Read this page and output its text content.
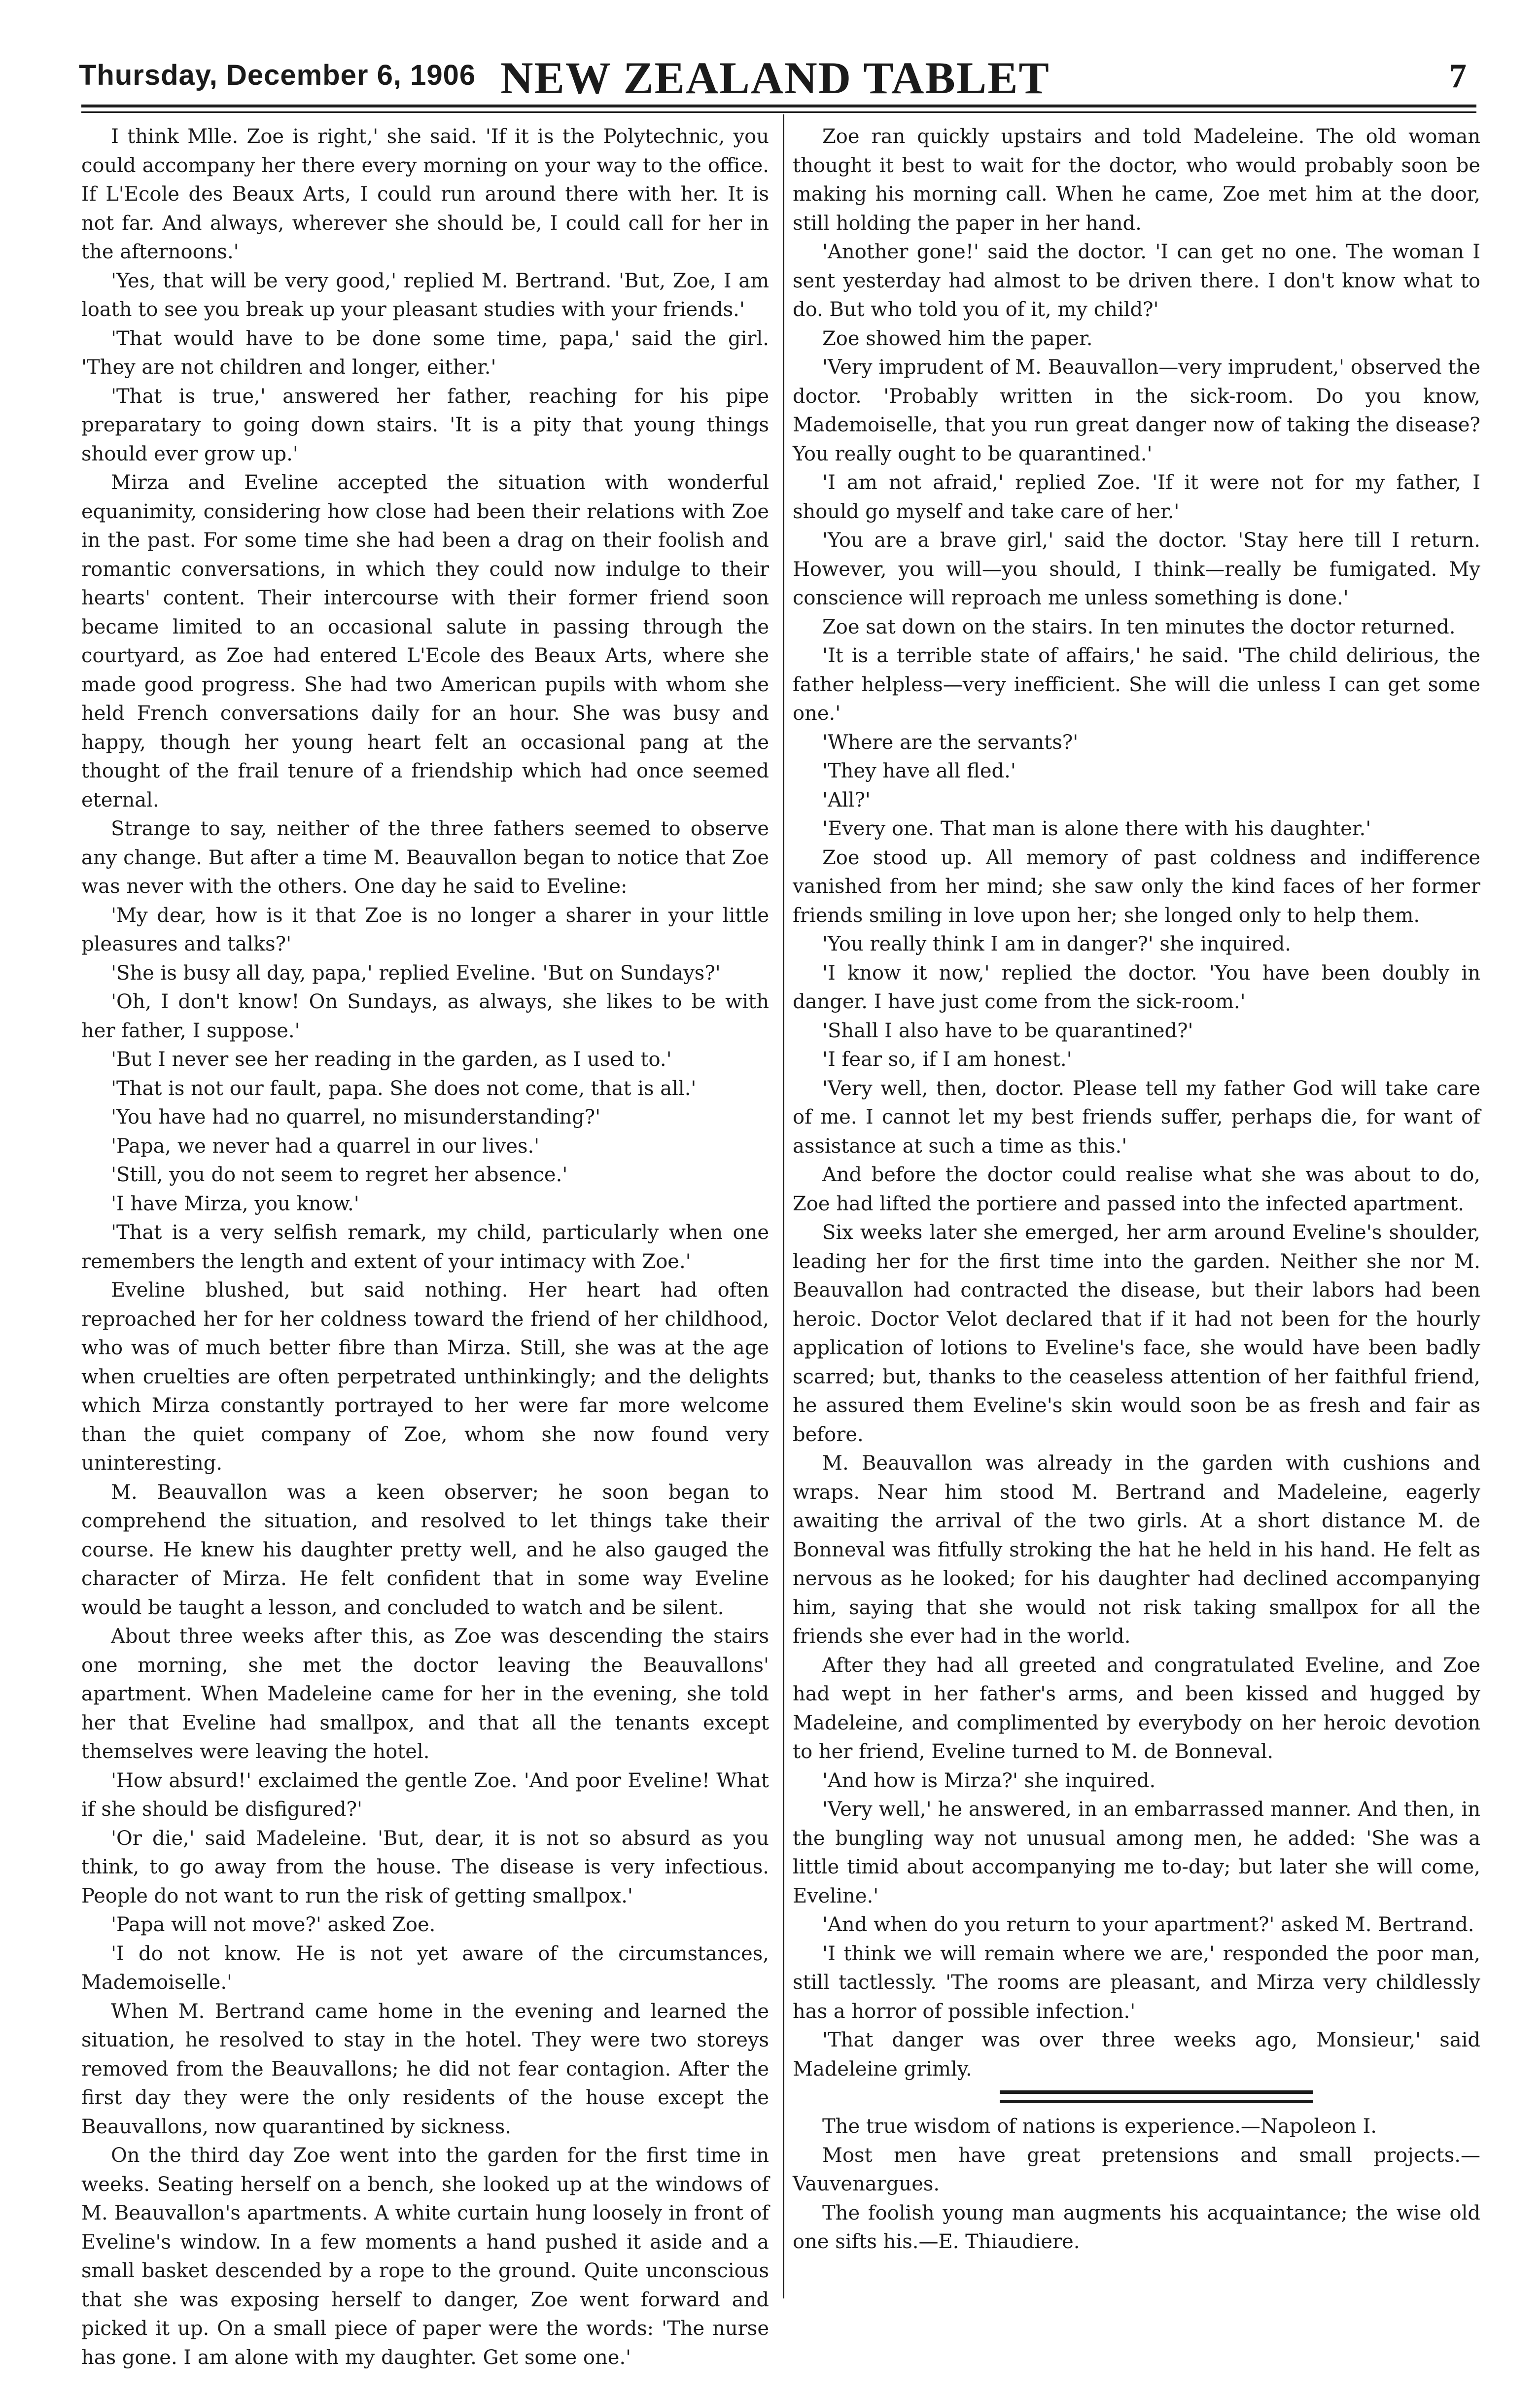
Thursday, December 6, 1906 NEW ZEALAND TABLET	7

I think Mlle. Zoe is right,' she said. 'If it is the Polytechnic, you could accompany her there every morning on your way to the office. If L'Ecole des Beaux Arts, I could run around there with her. It is not far. And always, wherever she should be, I could call for her in the afternoons.'

'Yes, that will be very good,' replied M. Bertrand. 'But, Zoe, I am loath to see you break up your pleasant studies with your friends.'

'That would have to be done some time, papa,' said the girl. 'They are not children and longer, either.'

'That is true,' answered her father, reaching for his pipe preparatary to going down stairs. 'It is a pity that young things should ever grow up.'

Mirza and Eveline accepted the situation with wonderful equanimity, considering how close had been their relations with Zoe in the past. For some time she had been a drag on their foolish and romantic conversations, in which they could now indulge to their hearts' content. Their intercourse with their former friend soon became limited to an occasional salute in passing through the courtyard, as Zoe had entered L'Ecole des Beaux Arts, where she made good progress. She had two American pupils with whom she held French conversations daily for an hour. She was busy and happy, though her young heart felt an occasional pang at the thought of the frail tenure of a friendship which had once seemed eternal.

Strange to say, neither of the three fathers seemed to observe any change. But after a time M. Beauvallon began to notice that Zoe was never with the others. One day he said to Eveline:

'My dear, how is it that Zoe is no longer a sharer in your little pleasures and talks?'

'She is busy all day, papa,' replied Eveline. 'But on Sundays?'

'Oh, I don't know! On Sundays, as always, she likes to be with her father, I suppose.'

'But I never see her reading in the garden, as I used to.'

'That is not our fault, papa. She does not come, that is all.'

'You have had no quarrel, no misunderstanding?'

'Papa, we never had a quarrel in our lives.'

'Still, you do not seem to regret her absence.'

'I have Mirza, you know.'

'That is a very selfish remark, my child, particularly when one remembers the length and extent of your intimacy with Zoe.'

Eveline blushed, but said nothing. Her heart had often reproached her for her coldness toward the friend of her childhood, who was of much better fibre than Mirza. Still, she was at the age when cruelties are often perpetrated unthinkingly; and the delights which Mirza constantly portrayed to her were far more welcome than the quiet company of Zoe, whom she now found very uninteresting.

M. Beauvallon was a keen observer; he soon began to comprehend the situation, and resolved to let things take their course. He knew his daughter pretty well, and he also gauged the character of Mirza. He felt confident that in some way Eveline would be taught a lesson, and concluded to watch and be silent.

About three weeks after this, as Zoe was descending the stairs one morning, she met the doctor leaving the Beauvallons' apartment. When Madeleine came for her in the evening, she told her that Eveline had smallpox, and that all the tenants except themselves were leaving the hotel.

'How absurd!' exclaimed the gentle Zoe. 'And poor Eveline! What if she should be disfigured?'

'Or die,' said Madeleine. 'But, dear, it is not so absurd as you think, to go away from the house. The disease is very infectious. People do not want to run the risk of getting smallpox.'

'Papa will not move?' asked Zoe.

'I do not know. He is not yet aware of the circumstances, Mademoiselle.'

When M. Bertrand came home in the evening and learned the situation, he resolved to stay in the hotel. They were two storeys removed from the Beauvallons; he did not fear contagion. After the first day they were the only residents of the house except the Beauvallons, now quarantined by sickness.

On the third day Zoe went into the garden for the first time in weeks. Seating herself on a bench, she looked up at the windows of M. Beauvallon's apartments. A white curtain hung loosely in front of Eveline's window. In a few moments a hand pushed it aside and a small basket descended by a rope to the ground. Quite unconscious that she was exposing herself to danger, Zoe went forward and picked it up. On a small piece of paper were the words: 'The nurse has gone. I am alone with my daughter. Get some one.'

Zoe ran quickly upstairs and told Madeleine. The old woman thought it best to wait for the doctor, who would probably soon be making his morning call. When he came, Zoe met him at the door, still holding the paper in her hand.

'Another gone!' said the doctor. 'I can get no one. The woman I sent yesterday had almost to be driven there. I don't know what to do. But who told you of it, my child?'

Zoe showed him the paper.

'Very imprudent of M. Beauvallon—very imprudent,' observed the doctor. 'Probably written in the sick-room. Do you know, Mademoiselle, that you run great danger now of taking the disease? You really ought to be quarantined.'

'I am not afraid,' replied Zoe. 'If it were not for my father, I should go myself and take care of her.'

'You are a brave girl,' said the doctor. 'Stay here till I return. However, you will—you should, I think—really be fumigated. My conscience will reproach me unless something is done.'

Zoe sat down on the stairs. In ten minutes the doctor returned.

'It is a terrible state of affairs,' he said. 'The child delirious, the father helpless—very inefficient. She will die unless I can get some one.'

'Where are the servants?'

'They have all fled.'

'All?'

'Every one. That man is alone there with his daughter.'

Zoe stood up. All memory of past coldness and indifference vanished from her mind; she saw only the kind faces of her former friends smiling in love upon her; she longed only to help them.

'You really think I am in danger?' she inquired.

'I know it now,' replied the doctor. 'You have been doubly in danger. I have just come from the sick-room.'

'Shall I also have to be quarantined?'

'I fear so, if I am honest.'

'Very well, then, doctor. Please tell my father God will take care of me. I cannot let my best friends suffer, perhaps die, for want of assistance at such a time as this.'

And before the doctor could realise what she was about to do, Zoe had lifted the portiere and passed into the infected apartment.

Six weeks later she emerged, her arm around Eveline's shoulder, leading her for the first time into the garden. Neither she nor M. Beauvallon had contracted the disease, but their labors had been heroic. Doctor Velot declared that if it had not been for the hourly application of lotions to Eveline's face, she would have been badly scarred; but, thanks to the ceaseless attention of her faithful friend, he assured them Eveline's skin would soon be as fresh and fair as before.

M. Beauvallon was already in the garden with cushions and wraps. Near him stood M. Bertrand and Madeleine, eagerly awaiting the arrival of the two girls. At a short distance M. de Bonneval was fitfully stroking the hat he held in his hand. He felt as nervous as he looked; for his daughter had declined accompanying him, saying that she would not risk taking smallpox for all the friends she ever had in the world.

After they had all greeted and congratulated Eveline, and Zoe had wept in her father's arms, and been kissed and hugged by Madeleine, and complimented by everybody on her heroic devotion to her friend, Eveline turned to M. de Bonneval.

'And how is Mirza?' she inquired.

'Very well,' he answered, in an embarrassed manner. And then, in the bungling way not unusual among men, he added: 'She was a little timid about accompanying me to-day; but later she will come, Eveline.'

'And when do you return to your apartment?' asked M. Bertrand.

'I think we will remain where we are,' responded the poor man, still tactlessly. 'The rooms are pleasant, and Mirza very childlessly has a horror of possible infection.'

'That danger was over three weeks ago, Monsieur,' said Madeleine grimly.

The true wisdom of nations is experience.—Napoleon I.

Most men have great pretensions and small projects.—Vauvenargues.

The foolish young man augments his acquaintance; the wise old one sifts his.—E. Thiaudiere.
